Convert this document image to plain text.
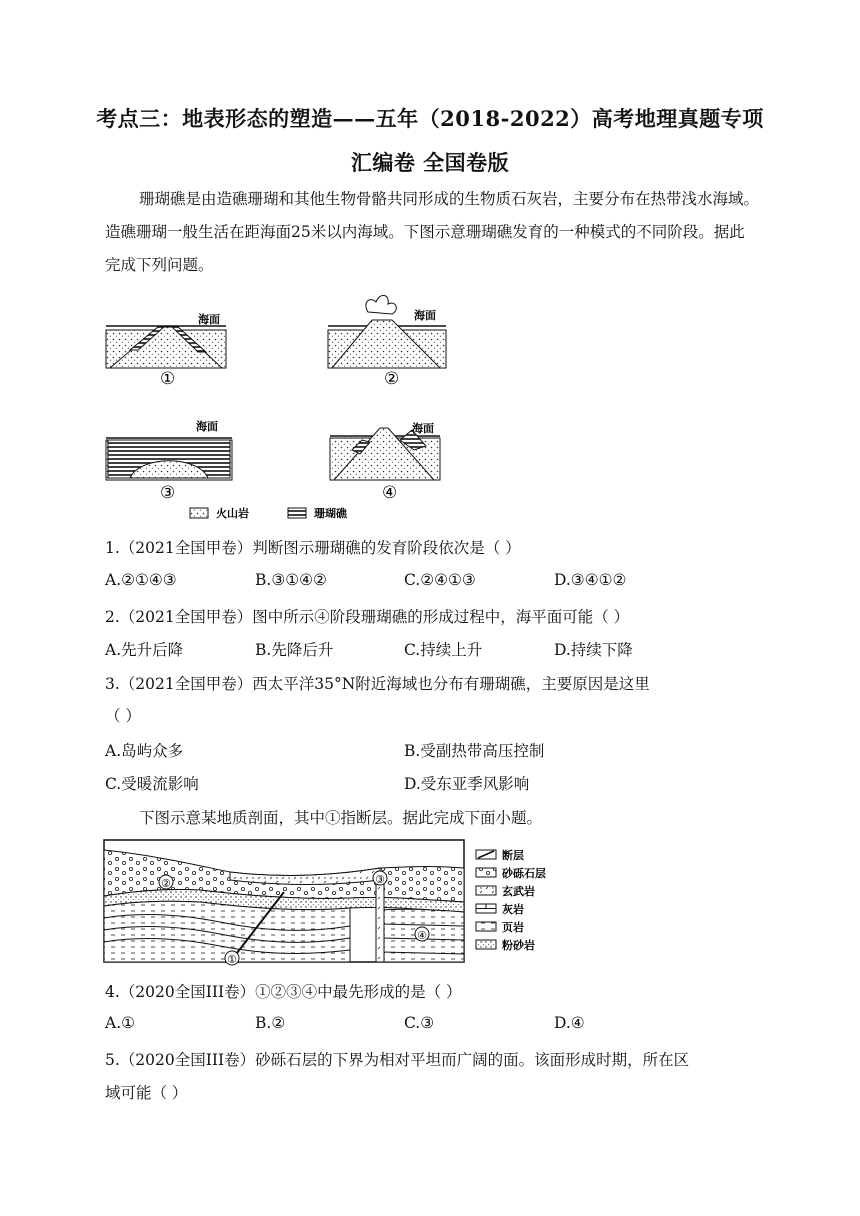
考点三：地表形态的塑造——五年（2018-2022）高考地理真题专项
汇编卷 全国卷版
珊瑚礁是由造礁珊瑚和其他生物骨骼共同形成的生物质石灰岩，主要分布在热带浅水海域。造礁珊瑚一般生活在距海面25米以内海域。下图示意珊瑚礁发育的一种模式的不同阶段。据此完成下列问题。
海面
①
海面
②
海面
③
海面
④
火山岩	珊瑚礁
1.（2021全国甲卷）判断图示珊瑚礁的发育阶段依次是（ ）
A.②①④③	B.③①④②	C.②④①③	D.③④①②
2.（2021全国甲卷）图中所示④阶段珊瑚礁的形成过程中，海平面可能（ ）
A.先升后降	B.先降后升	C.持续上升	D.持续下降
3.（2021全国甲卷）西太平洋35°N附近海域也分布有珊瑚礁，主要原因是这里
（ ）
A.岛屿众多	B.受副热带高压控制
C.受暖流影响	D.受东亚季风影响
下图示意某地质剖面，其中①指断层。据此完成下面小题。
①
②	③
④
断层
砂砾石层
玄武岩
灰岩
页岩
粉砂岩
4.（2020全国III卷）①②③④中最先形成的是（ ）
A.①	B.②	C.③	D.④
5.（2020全国III卷）砂砾石层的下界为相对平坦而广阔的面。该面形成时期，所在区
域可能（ ）
